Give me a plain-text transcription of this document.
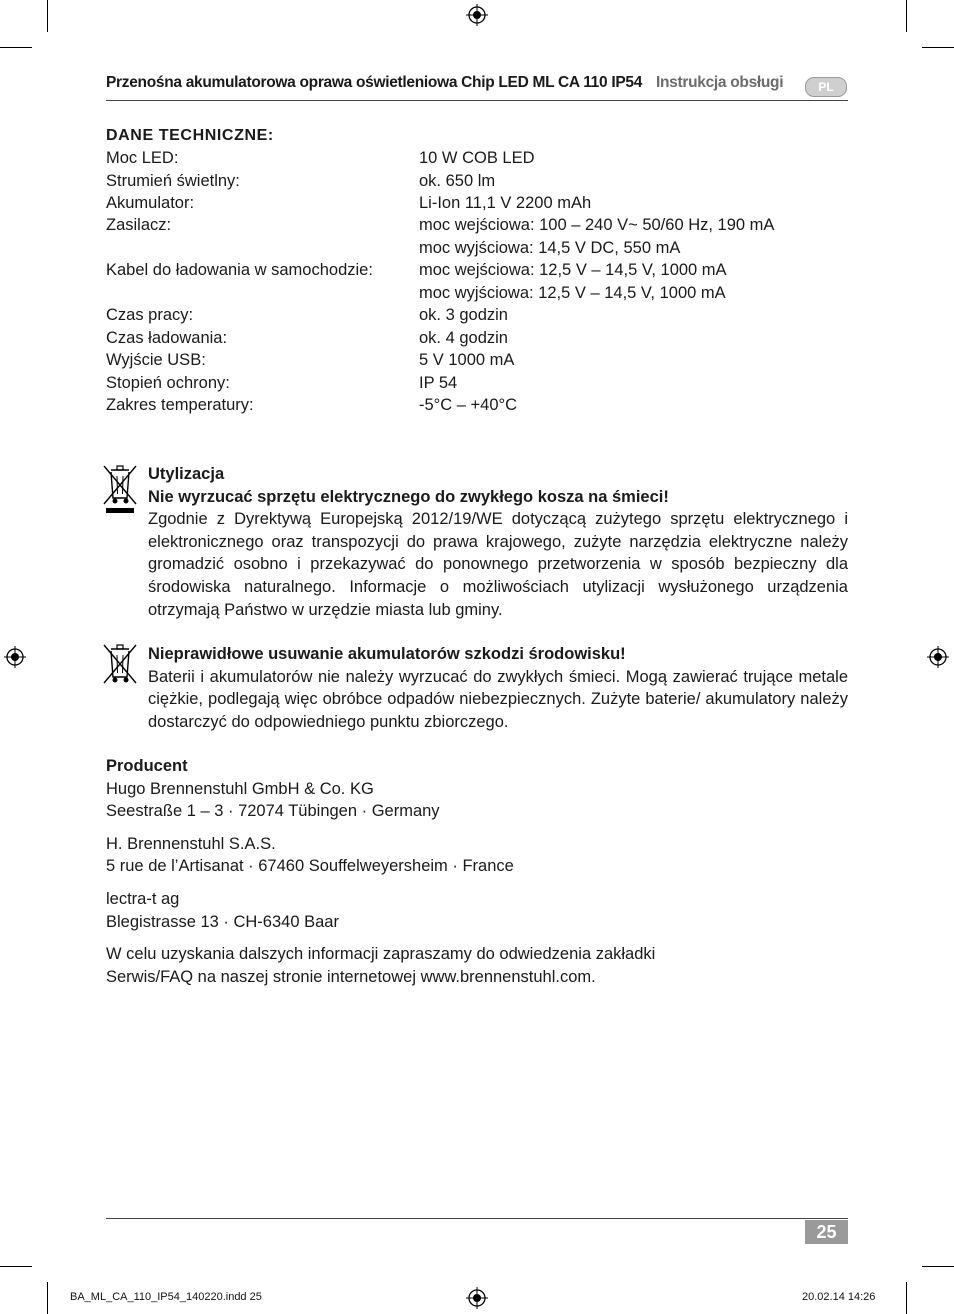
Przenośna akumulatorowa oprawa oświetleniowa Chip LED ML CA 110 IP54 Instrukcja obsługi	PL
DANE TECHNICZNE:
Moc LED:	10 W COB LED
Strumień świetlny:	ok. 650 lm
Akumulator:	Li-Ion 11,1 V 2200 mAh
Zasilacz:	moc wejściowa: 100 – 240 V~ 50/60 Hz, 190 mA
moc wyjściowa: 14,5 V DC, 550 mA
Kabel do ładowania w samochodzie:	moc wejściowa: 12,5 V – 14,5 V, 1000 mA
moc wyjściowa: 12,5 V – 14,5 V, 1000 mA
Czas pracy:	ok. 3 godzin
Czas ładowania:	ok. 4 godzin
Wyjście USB:	5 V 1000 mA
Stopień ochrony:	IP 54
Zakres temperatury:	-5°C – +40°C
Utylizacja
Nie wyrzucać sprzętu elektrycznego do zwykłego kosza na śmieci!
Zgodnie z Dyrektywą Europejską 2012/19/WE dotyczącą zużytego sprzętu elektrycznego i elektronicznego oraz transpozycji do prawa krajowego, zużyte narzędzia elektryczne należy gromadzić osobno i przekazywać do ponownego przetworzenia w sposób bezpieczny dla środowiska naturalnego. Informacje o możliwościach utylizacji wysłużonego urządzenia otrzymają Państwo w urzędzie miasta lub gminy.
Nieprawidłowe usuwanie akumulatorów szkodzi środowisku!
Baterii i akumulatorów nie należy wyrzucać do zwykłych śmieci. Mogą zawierać trujące metale ciężkie, podlegają więc obróbce odpadów niebezpiecznych. Zużyte baterie/ akumulatory należy dostarczyć do odpowiedniego punktu zbiorczego.
Producent
Hugo Brennenstuhl GmbH & Co. KG
Seestraße 1 – 3 · 72074 Tübingen · Germany
H. Brennenstuhl S.A.S.
5 rue de l’Artisanat · 67460 Souffelweyersheim · France
lectra-t ag
Blegistrasse 13 · CH-6340 Baar
W celu uzyskania dalszych informacji zapraszamy do odwiedzenia zakładki
Serwis/FAQ na naszej stronie internetowej www.brennenstuhl.com.
25
BA_ML_CA_110_IP54_140220.indd 25	20.02.14 14:26
